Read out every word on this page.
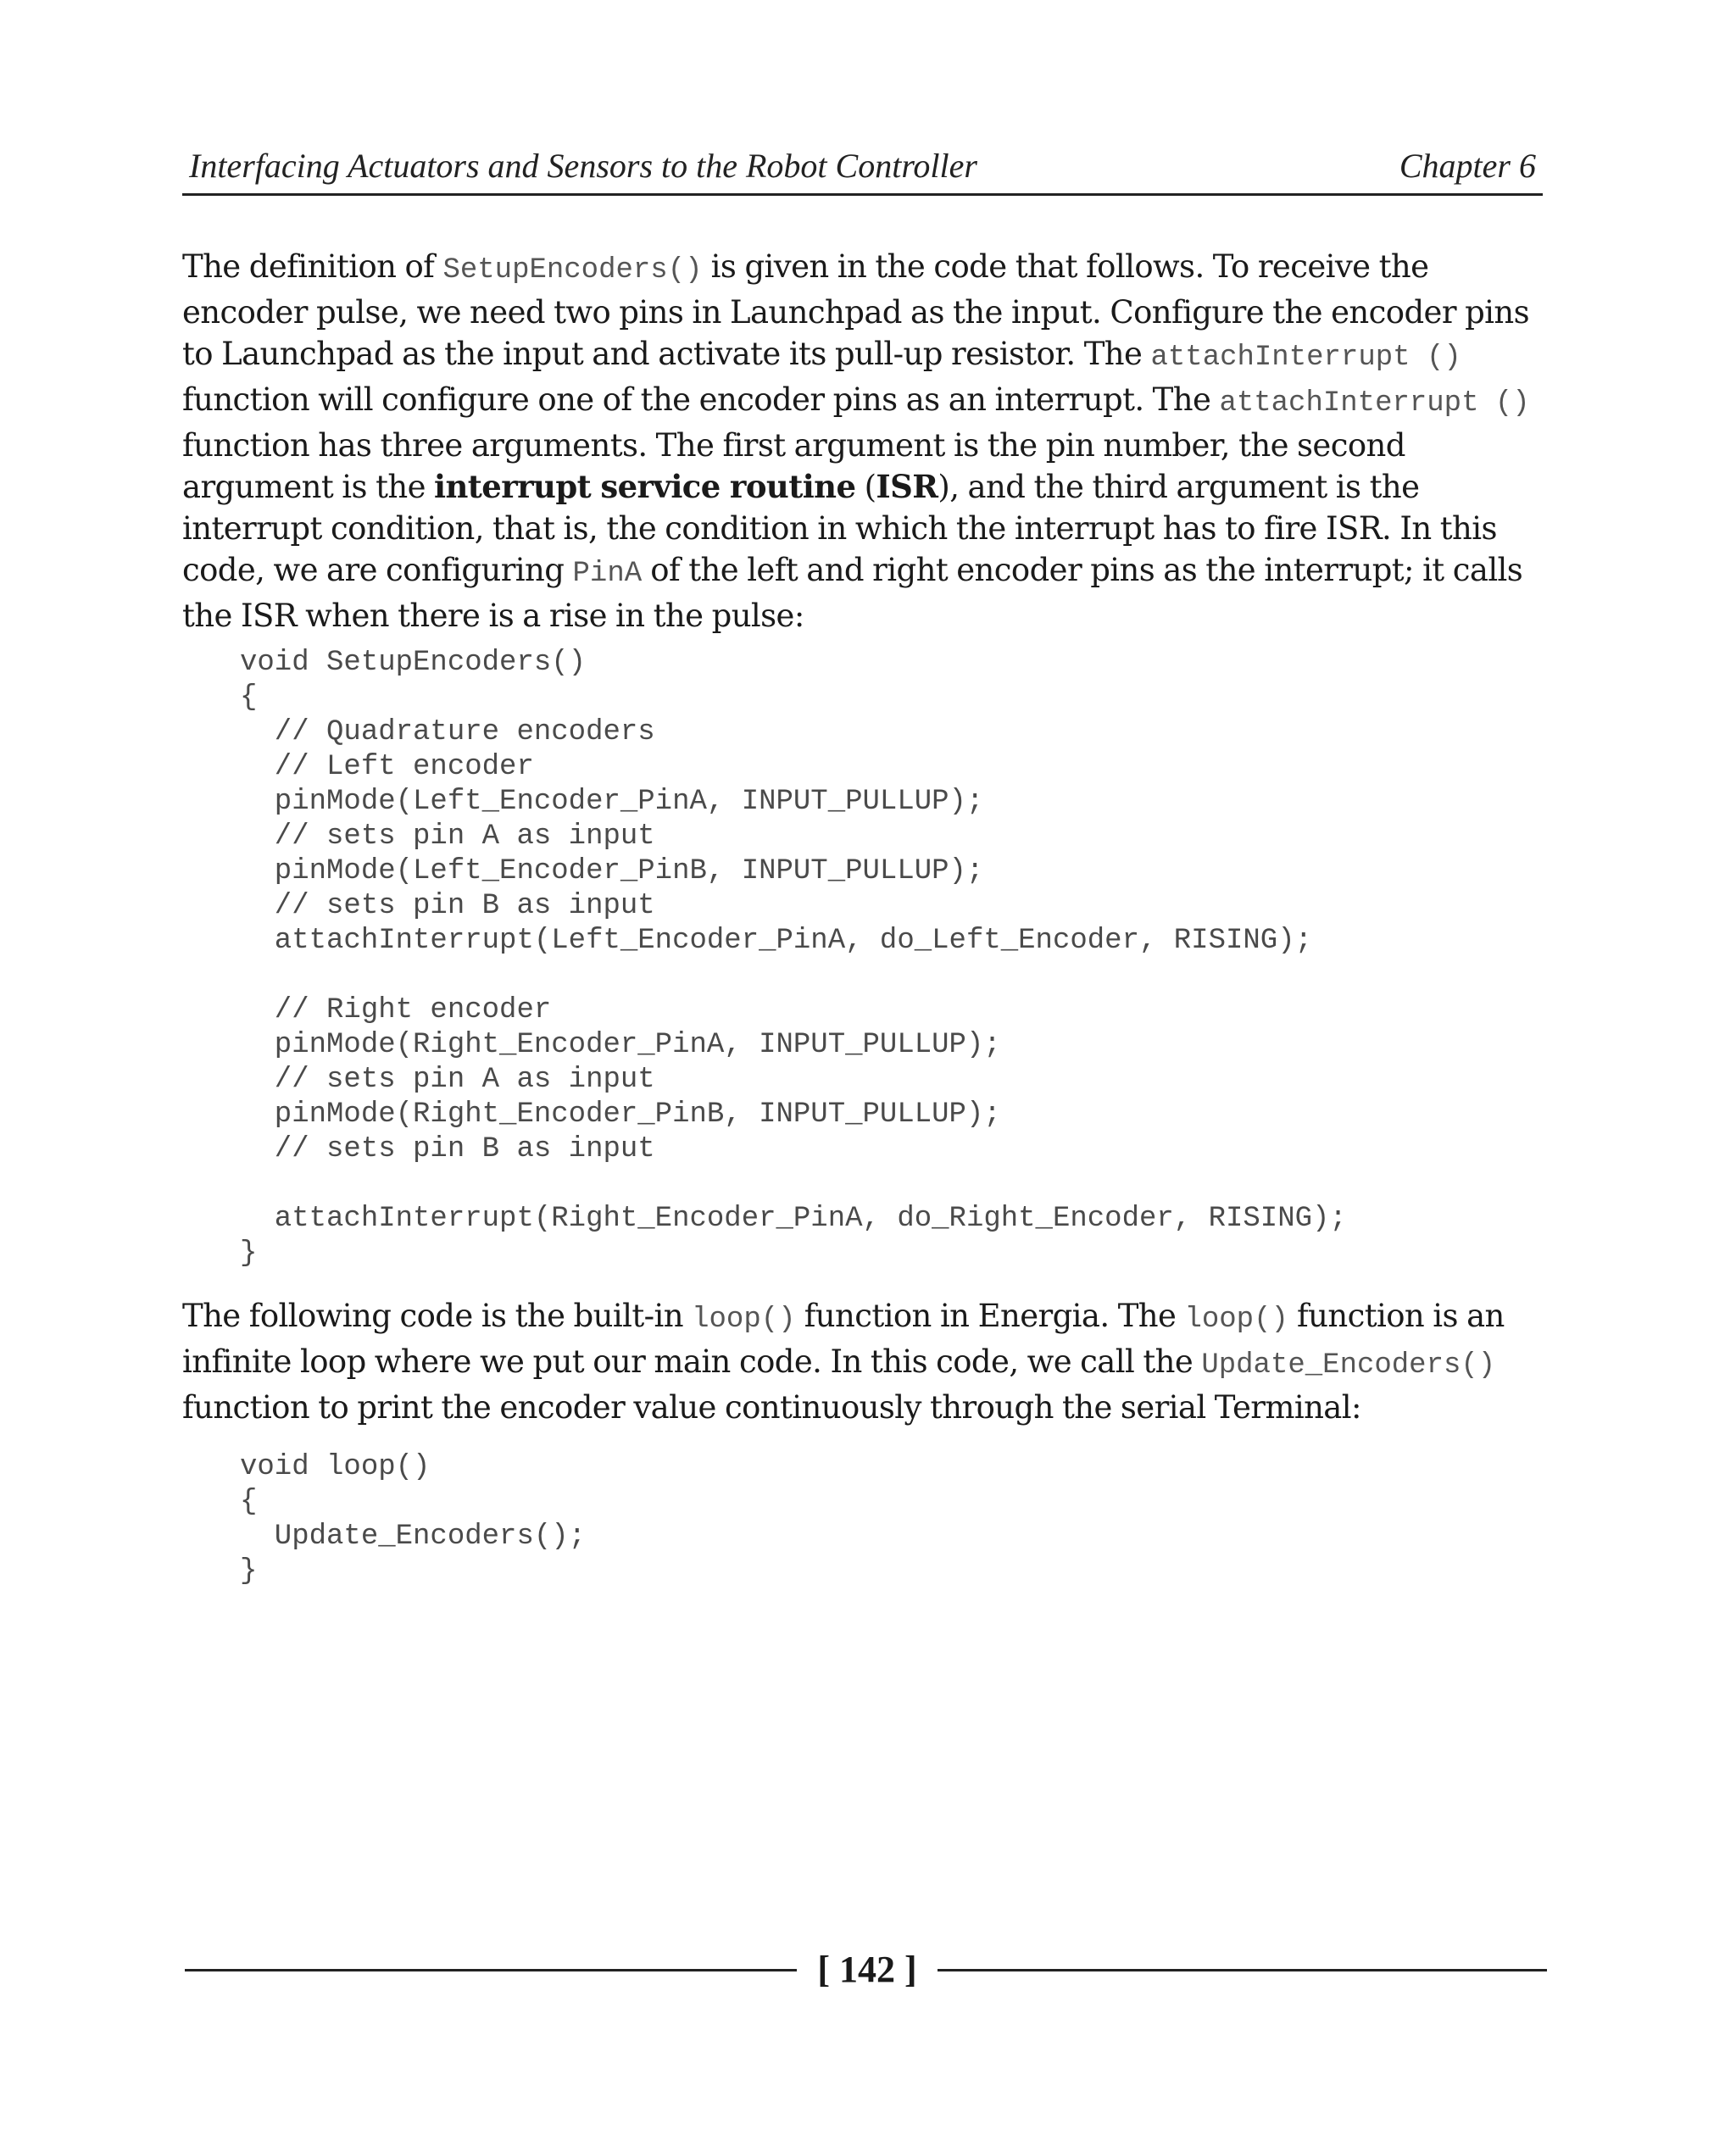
Interfacing Actuators and Sensors to the Robot Controller	Chapter 6

The definition of SetupEncoders() is given in the code that follows. To receive the encoder pulse, we need two pins in Launchpad as the input. Configure the encoder pins to Launchpad as the input and activate its pull-up resistor. The attachInterrupt () function will configure one of the encoder pins as an interrupt. The attachInterrupt () function has three arguments. The first argument is the pin number, the second argument is the interrupt service routine (ISR), and the third argument is the interrupt condition, that is, the condition in which the interrupt has to fire ISR. In this code, we are configuring PinA of the left and right encoder pins as the interrupt; it calls the ISR when there is a rise in the pulse:

void SetupEncoders()
{
// Quadrature encoders
// Left encoder
pinMode(Left_Encoder_PinA, INPUT_PULLUP);
// sets pin A as input
pinMode(Left_Encoder_PinB, INPUT_PULLUP);
// sets pin B as input
attachInterrupt(Left_Encoder_PinA, do_Left_Encoder, RISING);

// Right encoder
pinMode(Right_Encoder_PinA, INPUT_PULLUP);
// sets pin A as input
pinMode(Right_Encoder_PinB, INPUT_PULLUP);
// sets pin B as input

attachInterrupt(Right_Encoder_PinA, do_Right_Encoder, RISING);
}

The following code is the built-in loop() function in Energia. The loop() function is an infinite loop where we put our main code. In this code, we call the Update_Encoders() function to print the encoder value continuously through the serial Terminal:

void loop()
{
Update_Encoders();
}
[ 142 ]
